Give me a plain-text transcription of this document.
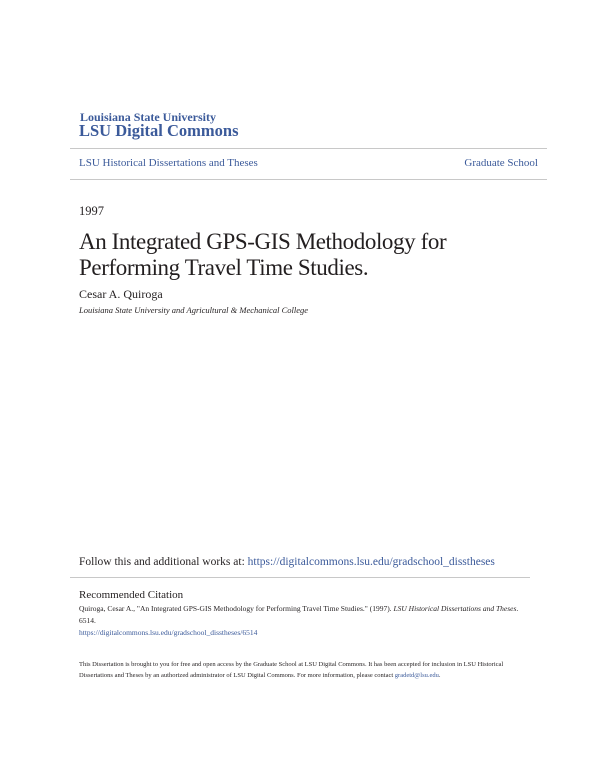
Louisiana State University
LSU Digital Commons
LSU Historical Dissertations and Theses	Graduate School
1997
An Integrated GPS-GIS Methodology for Performing Travel Time Studies.
Cesar A. Quiroga
Louisiana State University and Agricultural & Mechanical College
Follow this and additional works at: https://digitalcommons.lsu.edu/gradschool_disstheses
Recommended Citation
Quiroga, Cesar A., "An Integrated GPS-GIS Methodology for Performing Travel Time Studies." (1997). LSU Historical Dissertations and Theses. 6514.
https://digitalcommons.lsu.edu/gradschool_disstheses/6514
This Dissertation is brought to you for free and open access by the Graduate School at LSU Digital Commons. It has been accepted for inclusion in LSU Historical Dissertations and Theses by an authorized administrator of LSU Digital Commons. For more information, please contact gradetd@lsu.edu.
